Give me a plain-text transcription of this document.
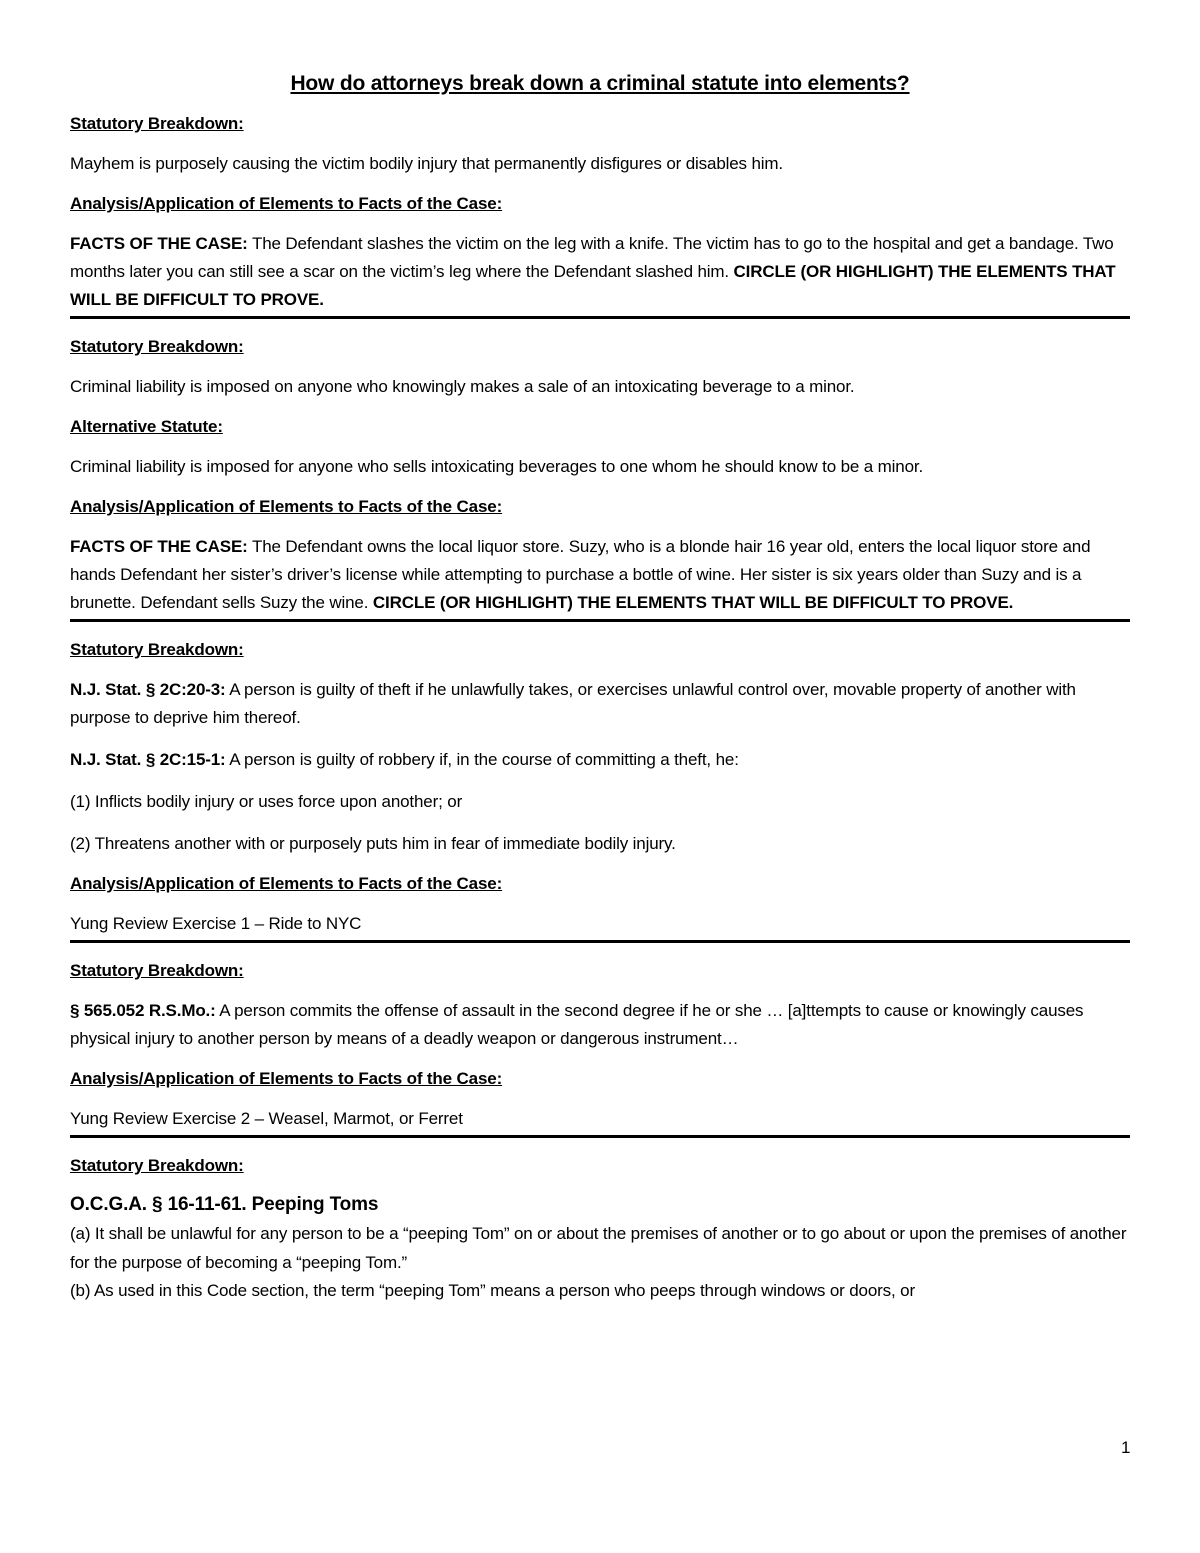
How do attorneys break down a criminal statute into elements?
Statutory Breakdown:
Mayhem is purposely causing the victim bodily injury that permanently disfigures or disables him.
Analysis/Application of Elements to Facts of the Case:
FACTS OF THE CASE: The Defendant slashes the victim on the leg with a knife. The victim has to go to the hospital and get a bandage. Two months later you can still see a scar on the victim’s leg where the Defendant slashed him. CIRCLE (OR HIGHLIGHT) THE ELEMENTS THAT WILL BE DIFFICULT TO PROVE.
Statutory Breakdown:
Criminal liability is imposed on anyone who knowingly makes a sale of an intoxicating beverage to a minor.
Alternative Statute:
Criminal liability is imposed for anyone who sells intoxicating beverages to one whom he should know to be a minor.
Analysis/Application of Elements to Facts of the Case:
FACTS OF THE CASE: The Defendant owns the local liquor store. Suzy, who is a blonde hair 16 year old, enters the local liquor store and hands Defendant her sister’s driver’s license while attempting to purchase a bottle of wine. Her sister is six years older than Suzy and is a brunette. Defendant sells Suzy the wine. CIRCLE (OR HIGHLIGHT) THE ELEMENTS THAT WILL BE DIFFICULT TO PROVE.
Statutory Breakdown:
N.J. Stat. § 2C:20-3: A person is guilty of theft if he unlawfully takes, or exercises unlawful control over, movable property of another with purpose to deprive him thereof.
N.J. Stat. § 2C:15-1: A person is guilty of robbery if, in the course of committing a theft, he:
(1) Inflicts bodily injury or uses force upon another; or
(2) Threatens another with or purposely puts him in fear of immediate bodily injury.
Analysis/Application of Elements to Facts of the Case:
Yung Review Exercise 1 – Ride to NYC
Statutory Breakdown:
§ 565.052 R.S.Mo.: A person commits the offense of assault in the second degree if he or she … [a]ttempts to cause or knowingly causes physical injury to another person by means of a deadly weapon or dangerous instrument…
Analysis/Application of Elements to Facts of the Case:
Yung Review Exercise 2 – Weasel, Marmot, or Ferret
Statutory Breakdown:
O.C.G.A. § 16-11-61. Peeping Toms
(a) It shall be unlawful for any person to be a “peeping Tom” on or about the premises of another or to go about or upon the premises of another for the purpose of becoming a “peeping Tom.”
(b) As used in this Code section, the term “peeping Tom” means a person who peeps through windows or doors, or
1
